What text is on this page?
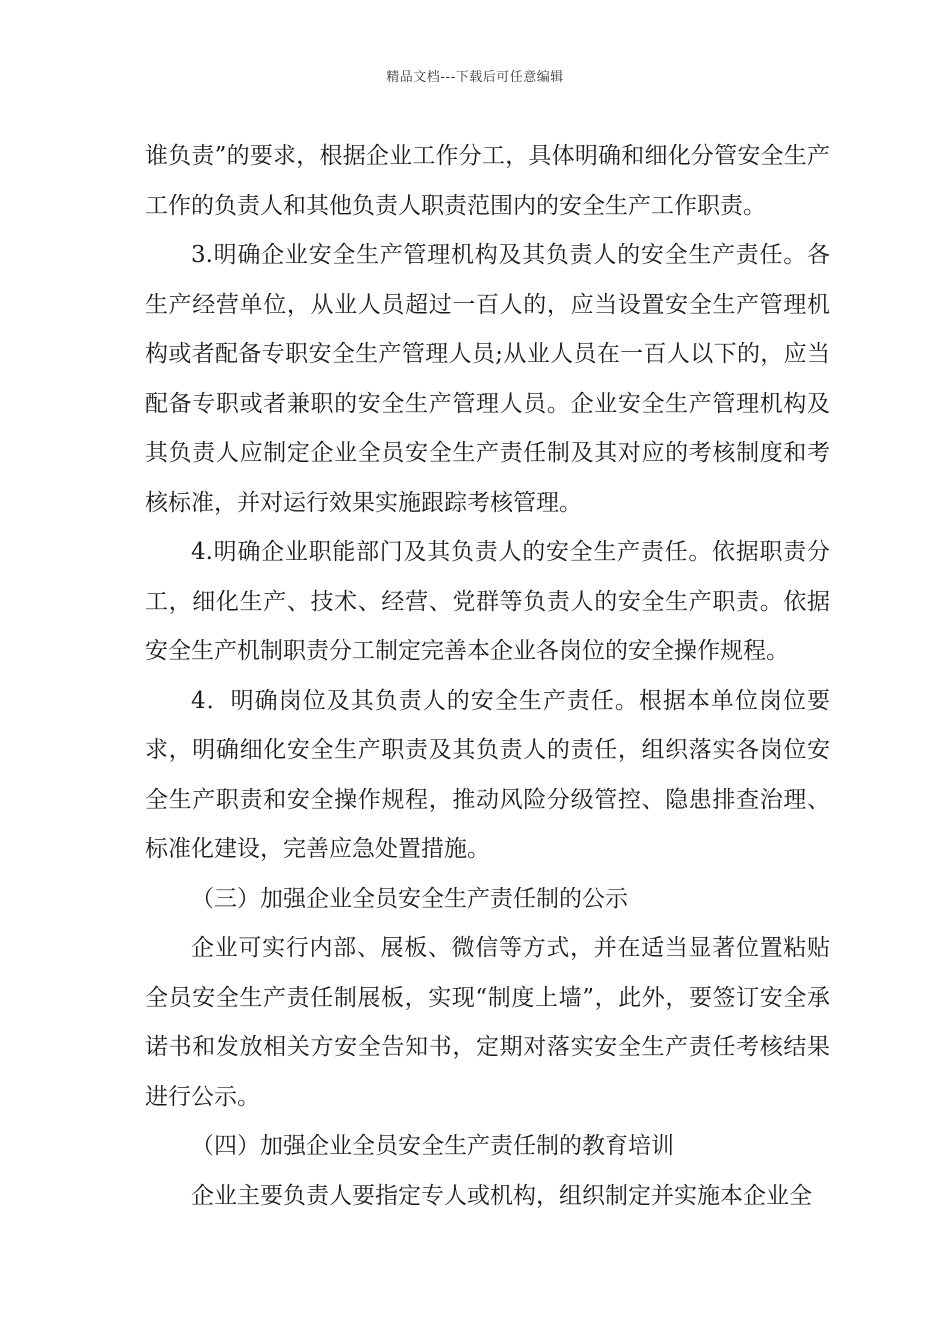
精品文档---下载后可任意编辑

谁负责”的要求，根据企业工作分工，具体明确和细化分管安全生产工作的负责人和其他负责人职责范围内的安全生产工作职责。

3.明确企业安全生产管理机构及其负责人的安全生产责任。各生产经营单位，从业人员超过一百人的，应当设置安全生产管理机构或者配备专职安全生产管理人员;从业人员在一百人以下的，应当配备专职或者兼职的安全生产管理人员。企业安全生产管理机构及其负责人应制定企业全员安全生产责任制及其对应的考核制度和考核标准，并对运行效果实施跟踪考核管理。

4.明确企业职能部门及其负责人的安全生产责任。依据职责分工，细化生产、技术、经营、党群等负责人的安全生产职责。依据安全生产机制职责分工制定完善本企业各岗位的安全操作规程。

4．明确岗位及其负责人的安全生产责任。根据本单位岗位要求，明确细化安全生产职责及其负责人的责任，组织落实各岗位安全生产职责和安全操作规程，推动风险分级管控、隐患排查治理、标准化建设，完善应急处置措施。

（三）加强企业全员安全生产责任制的公示

企业可实行内部、展板、微信等方式，并在适当显著位置粘贴全员安全生产责任制展板，实现“制度上墙”，此外，要签订安全承诺书和发放相关方安全告知书，定期对落实安全生产责任考核结果进行公示。

（四）加强企业全员安全生产责任制的教育培训

企业主要负责人要指定专人或机构，组织制定并实施本企业全
